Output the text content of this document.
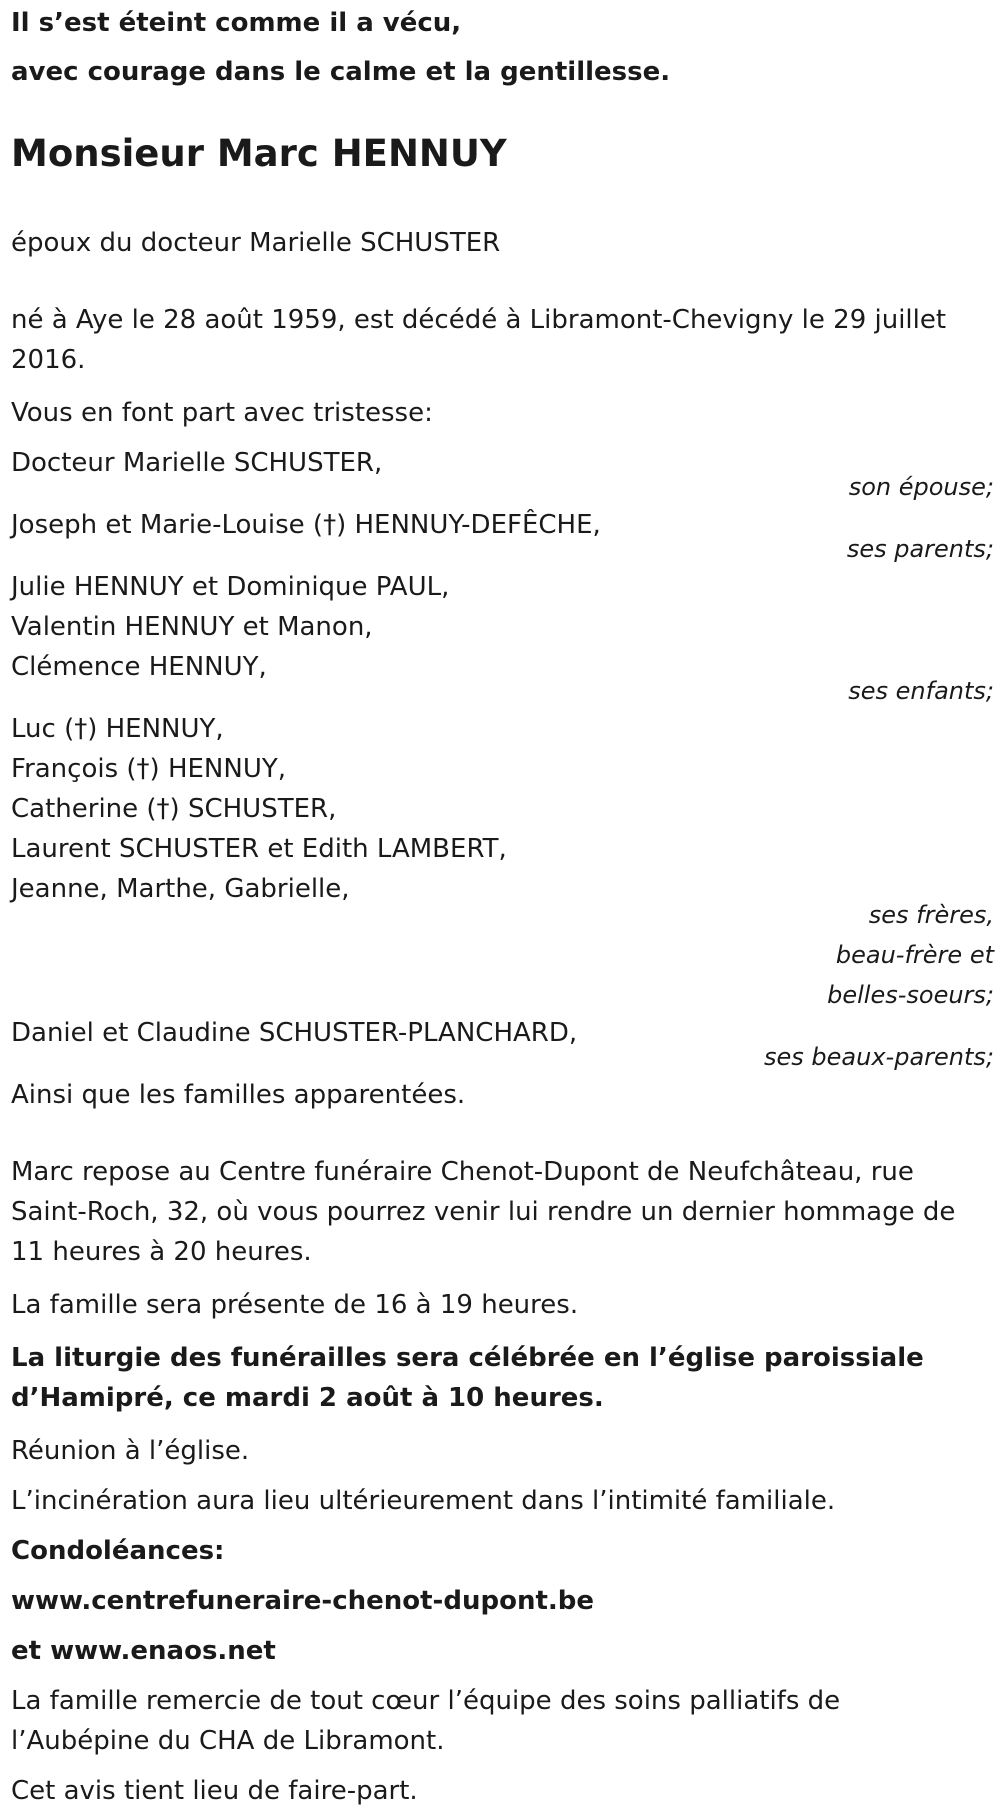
Il s’est éteint comme il a vécu,
avec courage dans le calme et la gentillesse.
Monsieur Marc HENNUY
époux du docteur Marielle SCHUSTER
né à Aye le 28 août 1959, est décédé à Libramont-Chevigny le 29 juillet
2016.
Vous en font part avec tristesse:
Docteur Marielle SCHUSTER,
son épouse;
Joseph et Marie-Louise (†) HENNUY-DEFÊCHE,
ses parents;
Julie HENNUY et Dominique PAUL,
Valentin HENNUY et Manon,
Clémence HENNUY,
ses enfants;
Luc (†) HENNUY,
François (†) HENNUY,
Catherine (†) SCHUSTER,
Laurent SCHUSTER et Edith LAMBERT,
Jeanne, Marthe, Gabrielle,
ses frères,
beau-frère et
belles-soeurs;
Daniel et Claudine SCHUSTER-PLANCHARD,
ses beaux-parents;
Ainsi que les familles apparentées.
Marc repose au Centre funéraire Chenot-Dupont de Neufchâteau, rue
Saint-Roch, 32, où vous pourrez venir lui rendre un dernier hommage de
11 heures à 20 heures.
La famille sera présente de 16 à 19 heures.
La liturgie des funérailles sera célébrée en l’église paroissiale
d’Hamipré, ce mardi 2 août à 10 heures.
Réunion à l’église.
L’incinération aura lieu ultérieurement dans l’intimité familiale.
Condoléances:
www.centrefuneraire-chenot-dupont.be
et www.enaos.net
La famille remercie de tout cœur l’équipe des soins palliatifs de
l’Aubépine du CHA de Libramont.
Cet avis tient lieu de faire-part.
